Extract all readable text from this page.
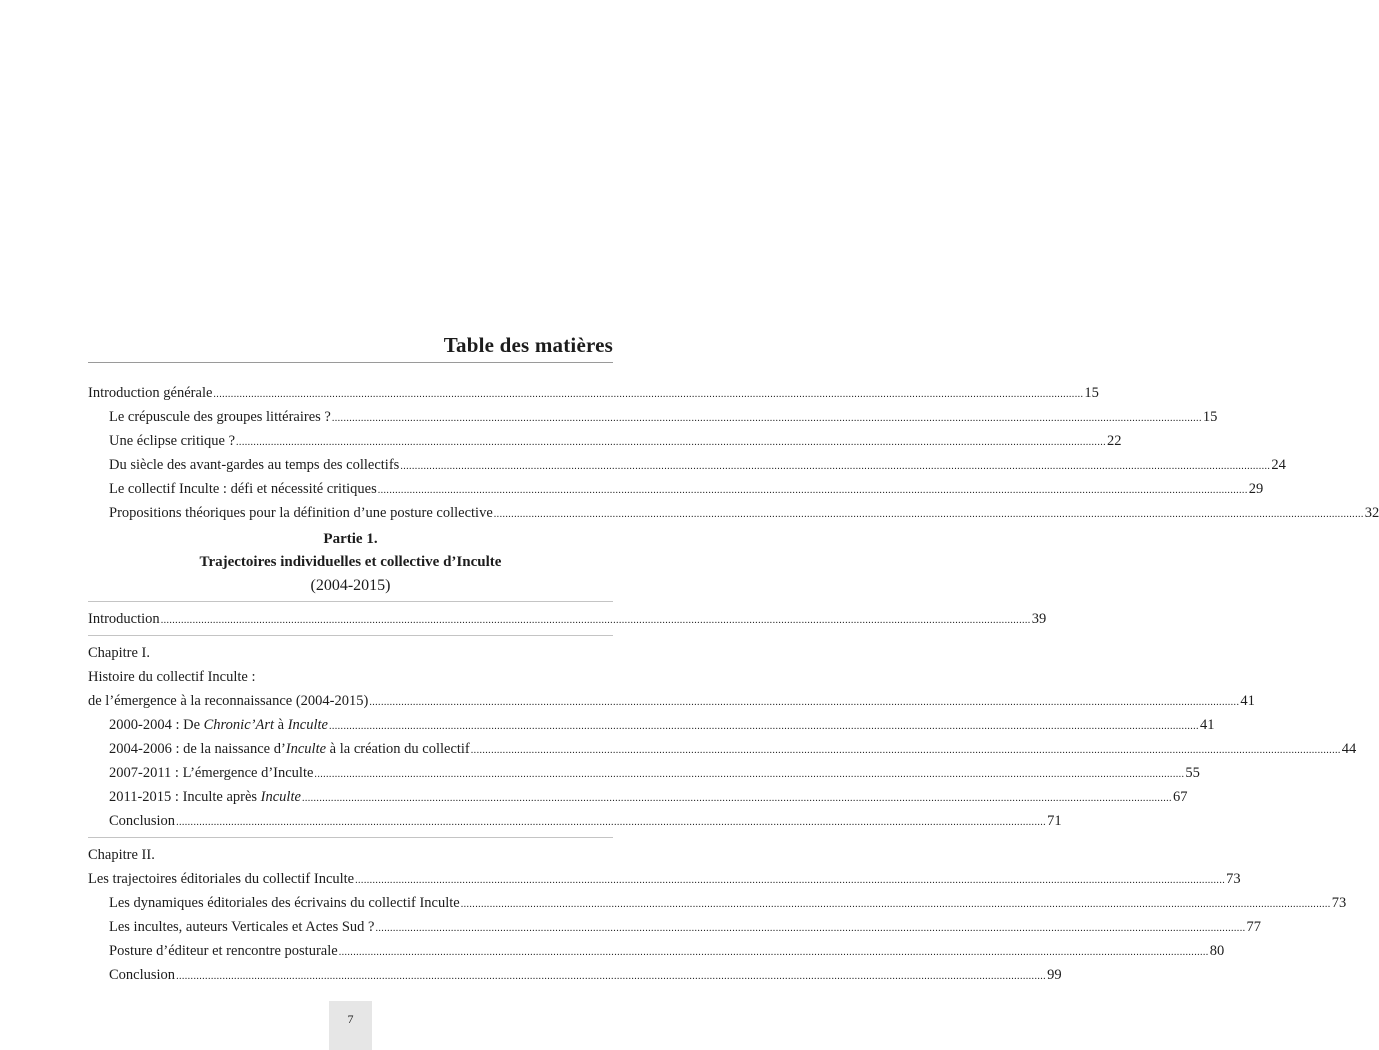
Table des matières
Introduction générale ............................................................................................................................................................................................................................................................................................................ 15
Le crépuscule des groupes littéraires ? ............................................................................................................................................................................................................................................................................................................ 15
Une éclipse critique ? ............................................................................................................................................................................................................................................................................................................ 22
Du siècle des avant-gardes au temps des collectifs ............................................................................................................................................................................................................................................................................................................ 24
Le collectif Inculte : défi et nécessité critiques ............................................................................................................................................................................................................................................................................................................ 29
Propositions théoriques pour la définition d’une posture collective ............................................................................................................................................................................................................................................................................................................ 32
Partie 1.
Trajectoires individuelles et collective d’Inculte
(2004-2015)
Introduction ............................................................................................................................................................................................................................................................................................................ 39
Chapitre I.
Histoire du collectif Inculte :
de l’émergence à la reconnaissance (2004-2015) ............................................................................................................................................................................................................................................................................................................ 41
2000-2004 : De Chronic’Art à Inculte ............................................................................................................................................................................................................................................................................................................ 41
2004-2006 : de la naissance d’Inculte à la création du collectif ............................................................................................................................................................................................................................................................................................................ 44
2007-2011 : L’émergence d’Inculte ............................................................................................................................................................................................................................................................................................................ 55
2011-2015 : Inculte après Inculte ............................................................................................................................................................................................................................................................................................................ 67
Conclusion ............................................................................................................................................................................................................................................................................................................ 71
Chapitre II.
Les trajectoires éditoriales du collectif Inculte ............................................................................................................................................................................................................................................................................................................ 73
Les dynamiques éditoriales des écrivains du collectif Inculte ............................................................................................................................................................................................................................................................................................................ 73
Les incultes, auteurs Verticales et Actes Sud ? ............................................................................................................................................................................................................................................................................................................ 77
Posture d’éditeur et rencontre posturale ............................................................................................................................................................................................................................................................................................................ 80
Conclusion ............................................................................................................................................................................................................................................................................................................ 99
7
